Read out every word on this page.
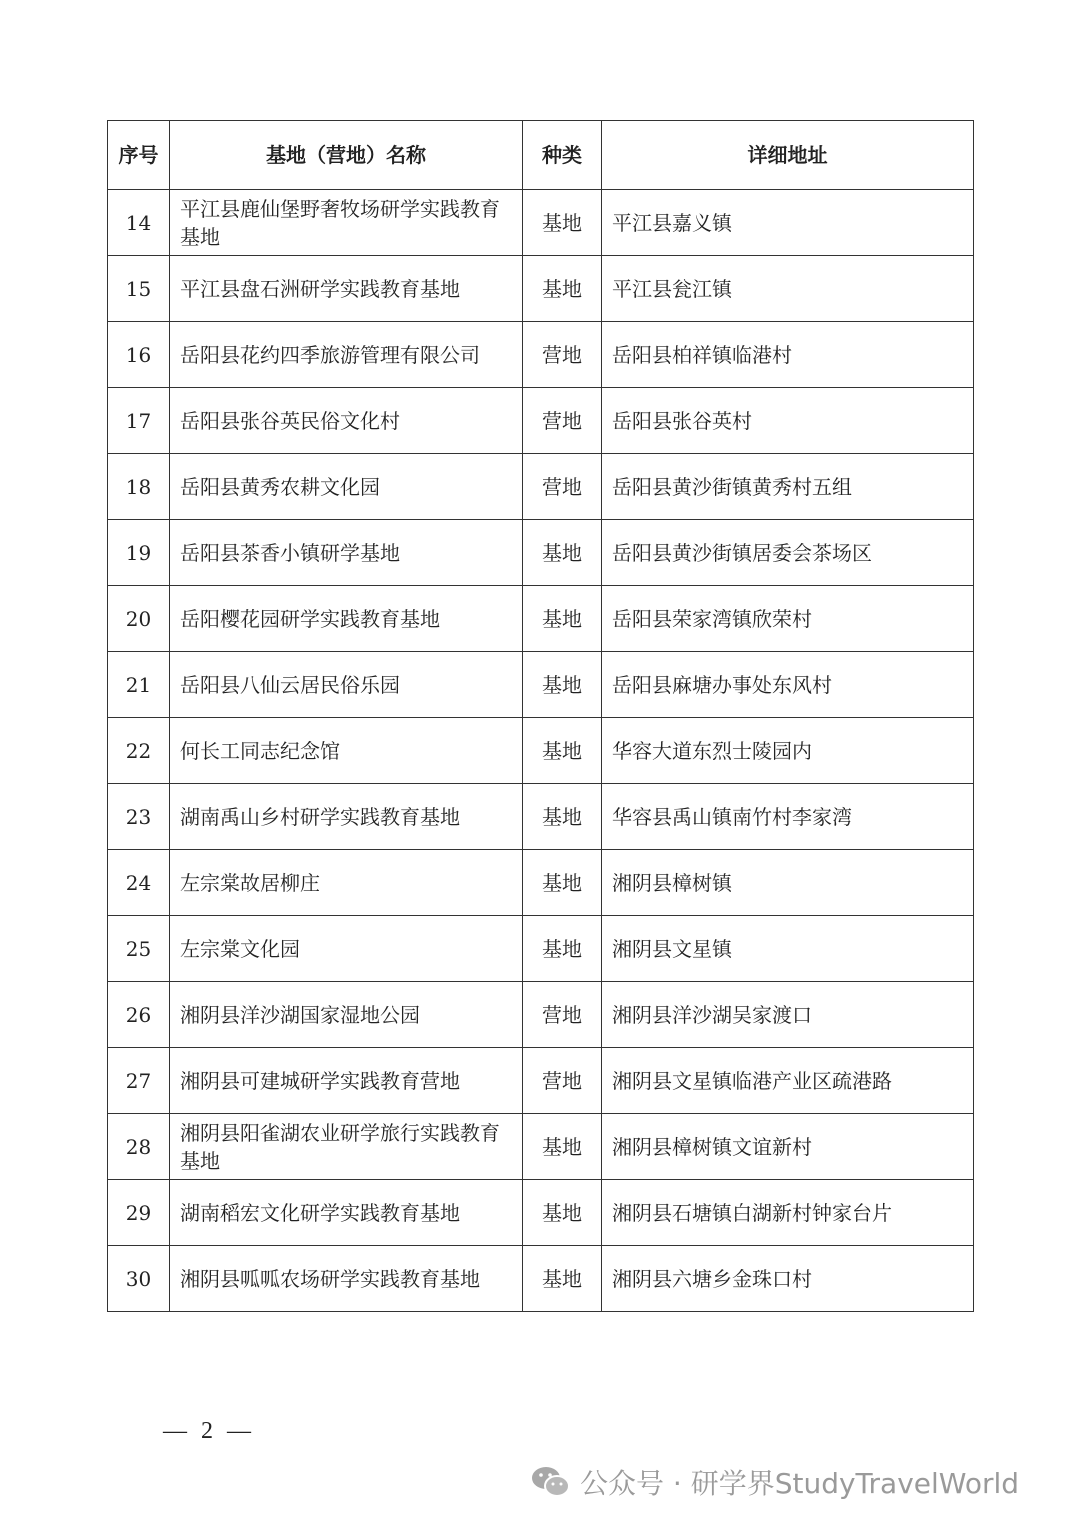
序号	基地（营地）名称	种类	详细地址
14	平江县鹿仙堡野奢牧场研学实践教育基地	基地	平江县嘉义镇
15	平江县盘石洲研学实践教育基地	基地	平江县瓮江镇
16	岳阳县花约四季旅游管理有限公司	营地	岳阳县柏祥镇临港村
17	岳阳县张谷英民俗文化村	营地	岳阳县张谷英村
18	岳阳县黄秀农耕文化园	营地	岳阳县黄沙街镇黄秀村五组
19	岳阳县茶香小镇研学基地	基地	岳阳县黄沙街镇居委会茶场区
20	岳阳樱花园研学实践教育基地	基地	岳阳县荣家湾镇欣荣村
21	岳阳县八仙云居民俗乐园	基地	岳阳县麻塘办事处东风村
22	何长工同志纪念馆	基地	华容大道东烈士陵园内
23	湖南禹山乡村研学实践教育基地	基地	华容县禹山镇南竹村李家湾
24	左宗棠故居柳庄	基地	湘阴县樟树镇
25	左宗棠文化园	基地	湘阴县文星镇
26	湘阴县洋沙湖国家湿地公园	营地	湘阴县洋沙湖吴家渡口
27	湘阴县可建城研学实践教育营地	营地	湘阴县文星镇临港产业区疏港路
28	湘阴县阳雀湖农业研学旅行实践教育基地	基地	湘阴县樟树镇文谊新村
29	湖南稻宏文化研学实践教育基地	基地	湘阴县石塘镇白湖新村钟家台片
30	湘阴县呱呱农场研学实践教育基地	基地	湘阴县六塘乡金珠口村
— 2 —
公众号 · 研学界StudyTravelWorld
